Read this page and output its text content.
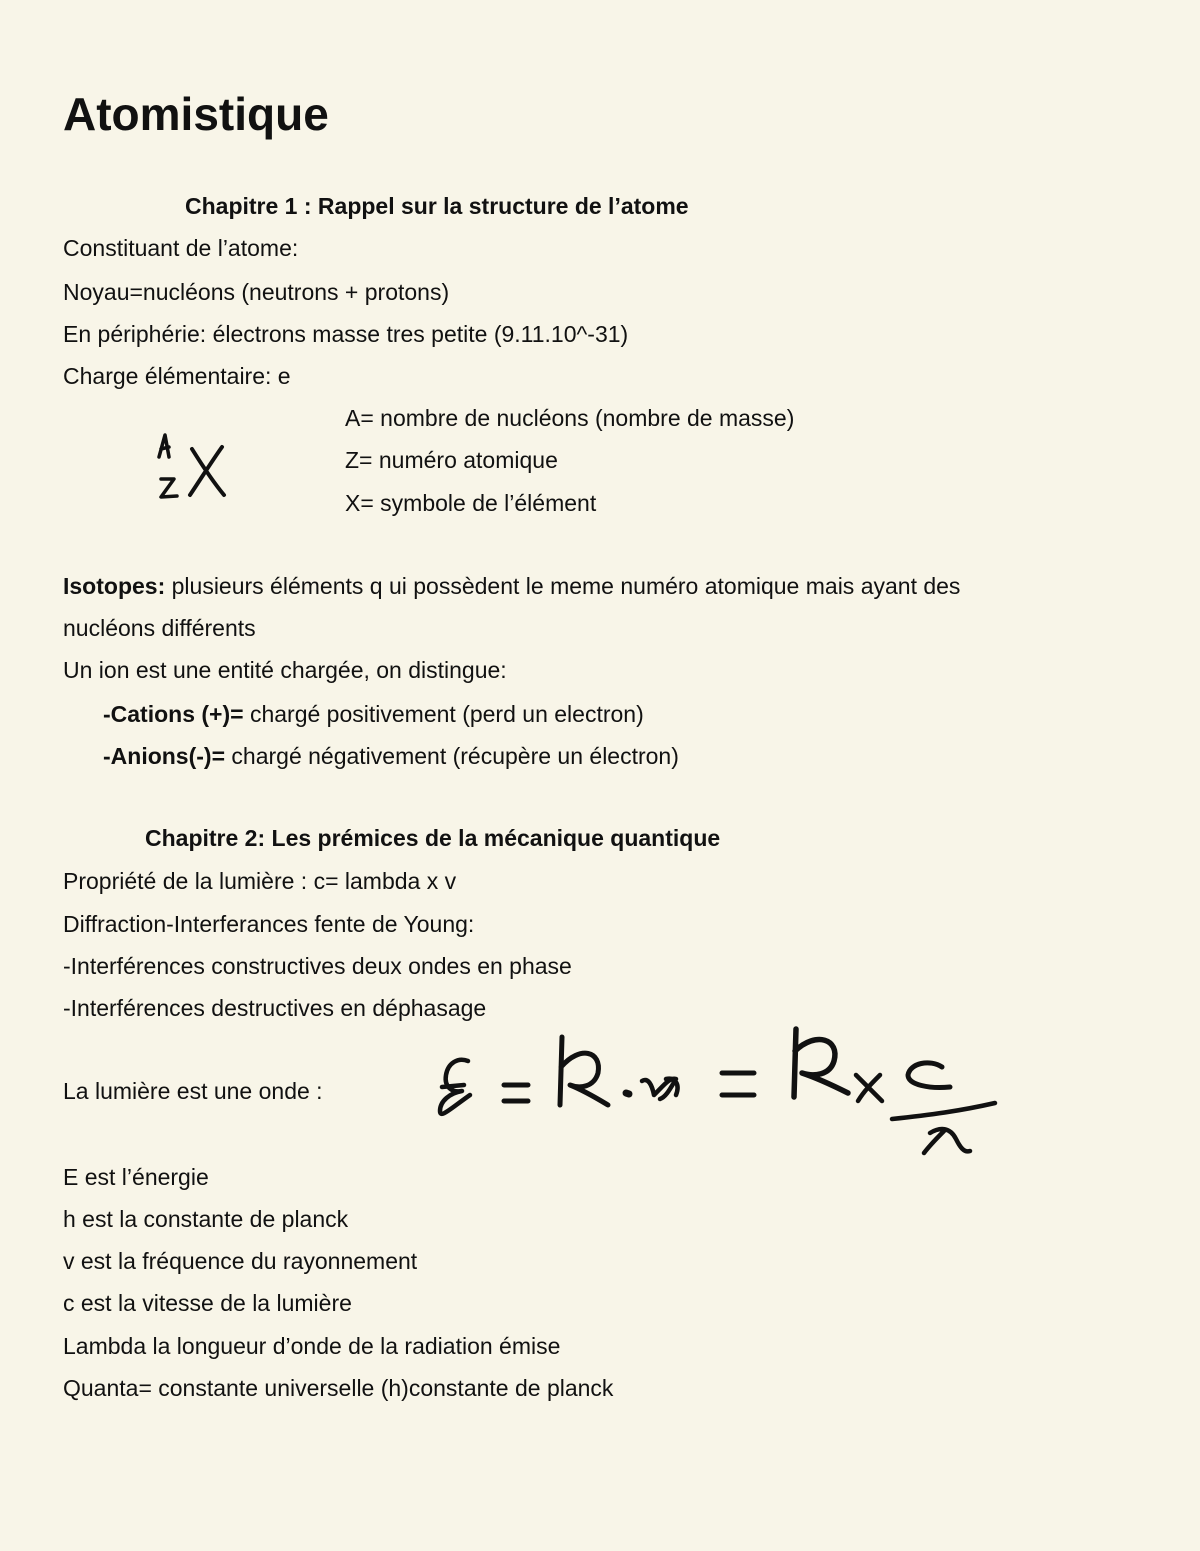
Atomistique
Chapitre 1 : Rappel sur la structure de l’atome
Constituant de l’atome:
Noyau=nucléons (neutrons + protons)
En périphérie: électrons masse tres petite (9.11.10^-31)
Charge élémentaire: e
A= nombre de nucléons (nombre de masse)
Z= numéro atomique
X= symbole de l’élément
Isotopes: plusieurs éléments q ui possèdent le meme numéro atomique mais ayant des
nucléons différents
Un ion est une entité chargée, on distingue:
-Cations (+)= chargé positivement (perd un electron)
-Anions(-)= chargé négativement (récupère un électron)
Chapitre 2: Les prémices de la mécanique quantique
Propriété de la lumière : c= lambda x v
Diffraction-Interferances fente de Young:
-Interférences constructives deux ondes en phase
-Interférences destructives en déphasage
La lumière est une onde :
E est l’énergie
h est la constante de planck
v est la fréquence du rayonnement
c est la vitesse de la lumière
Lambda la longueur d’onde de la radiation émise
Quanta= constante universelle (h)constante de planck
